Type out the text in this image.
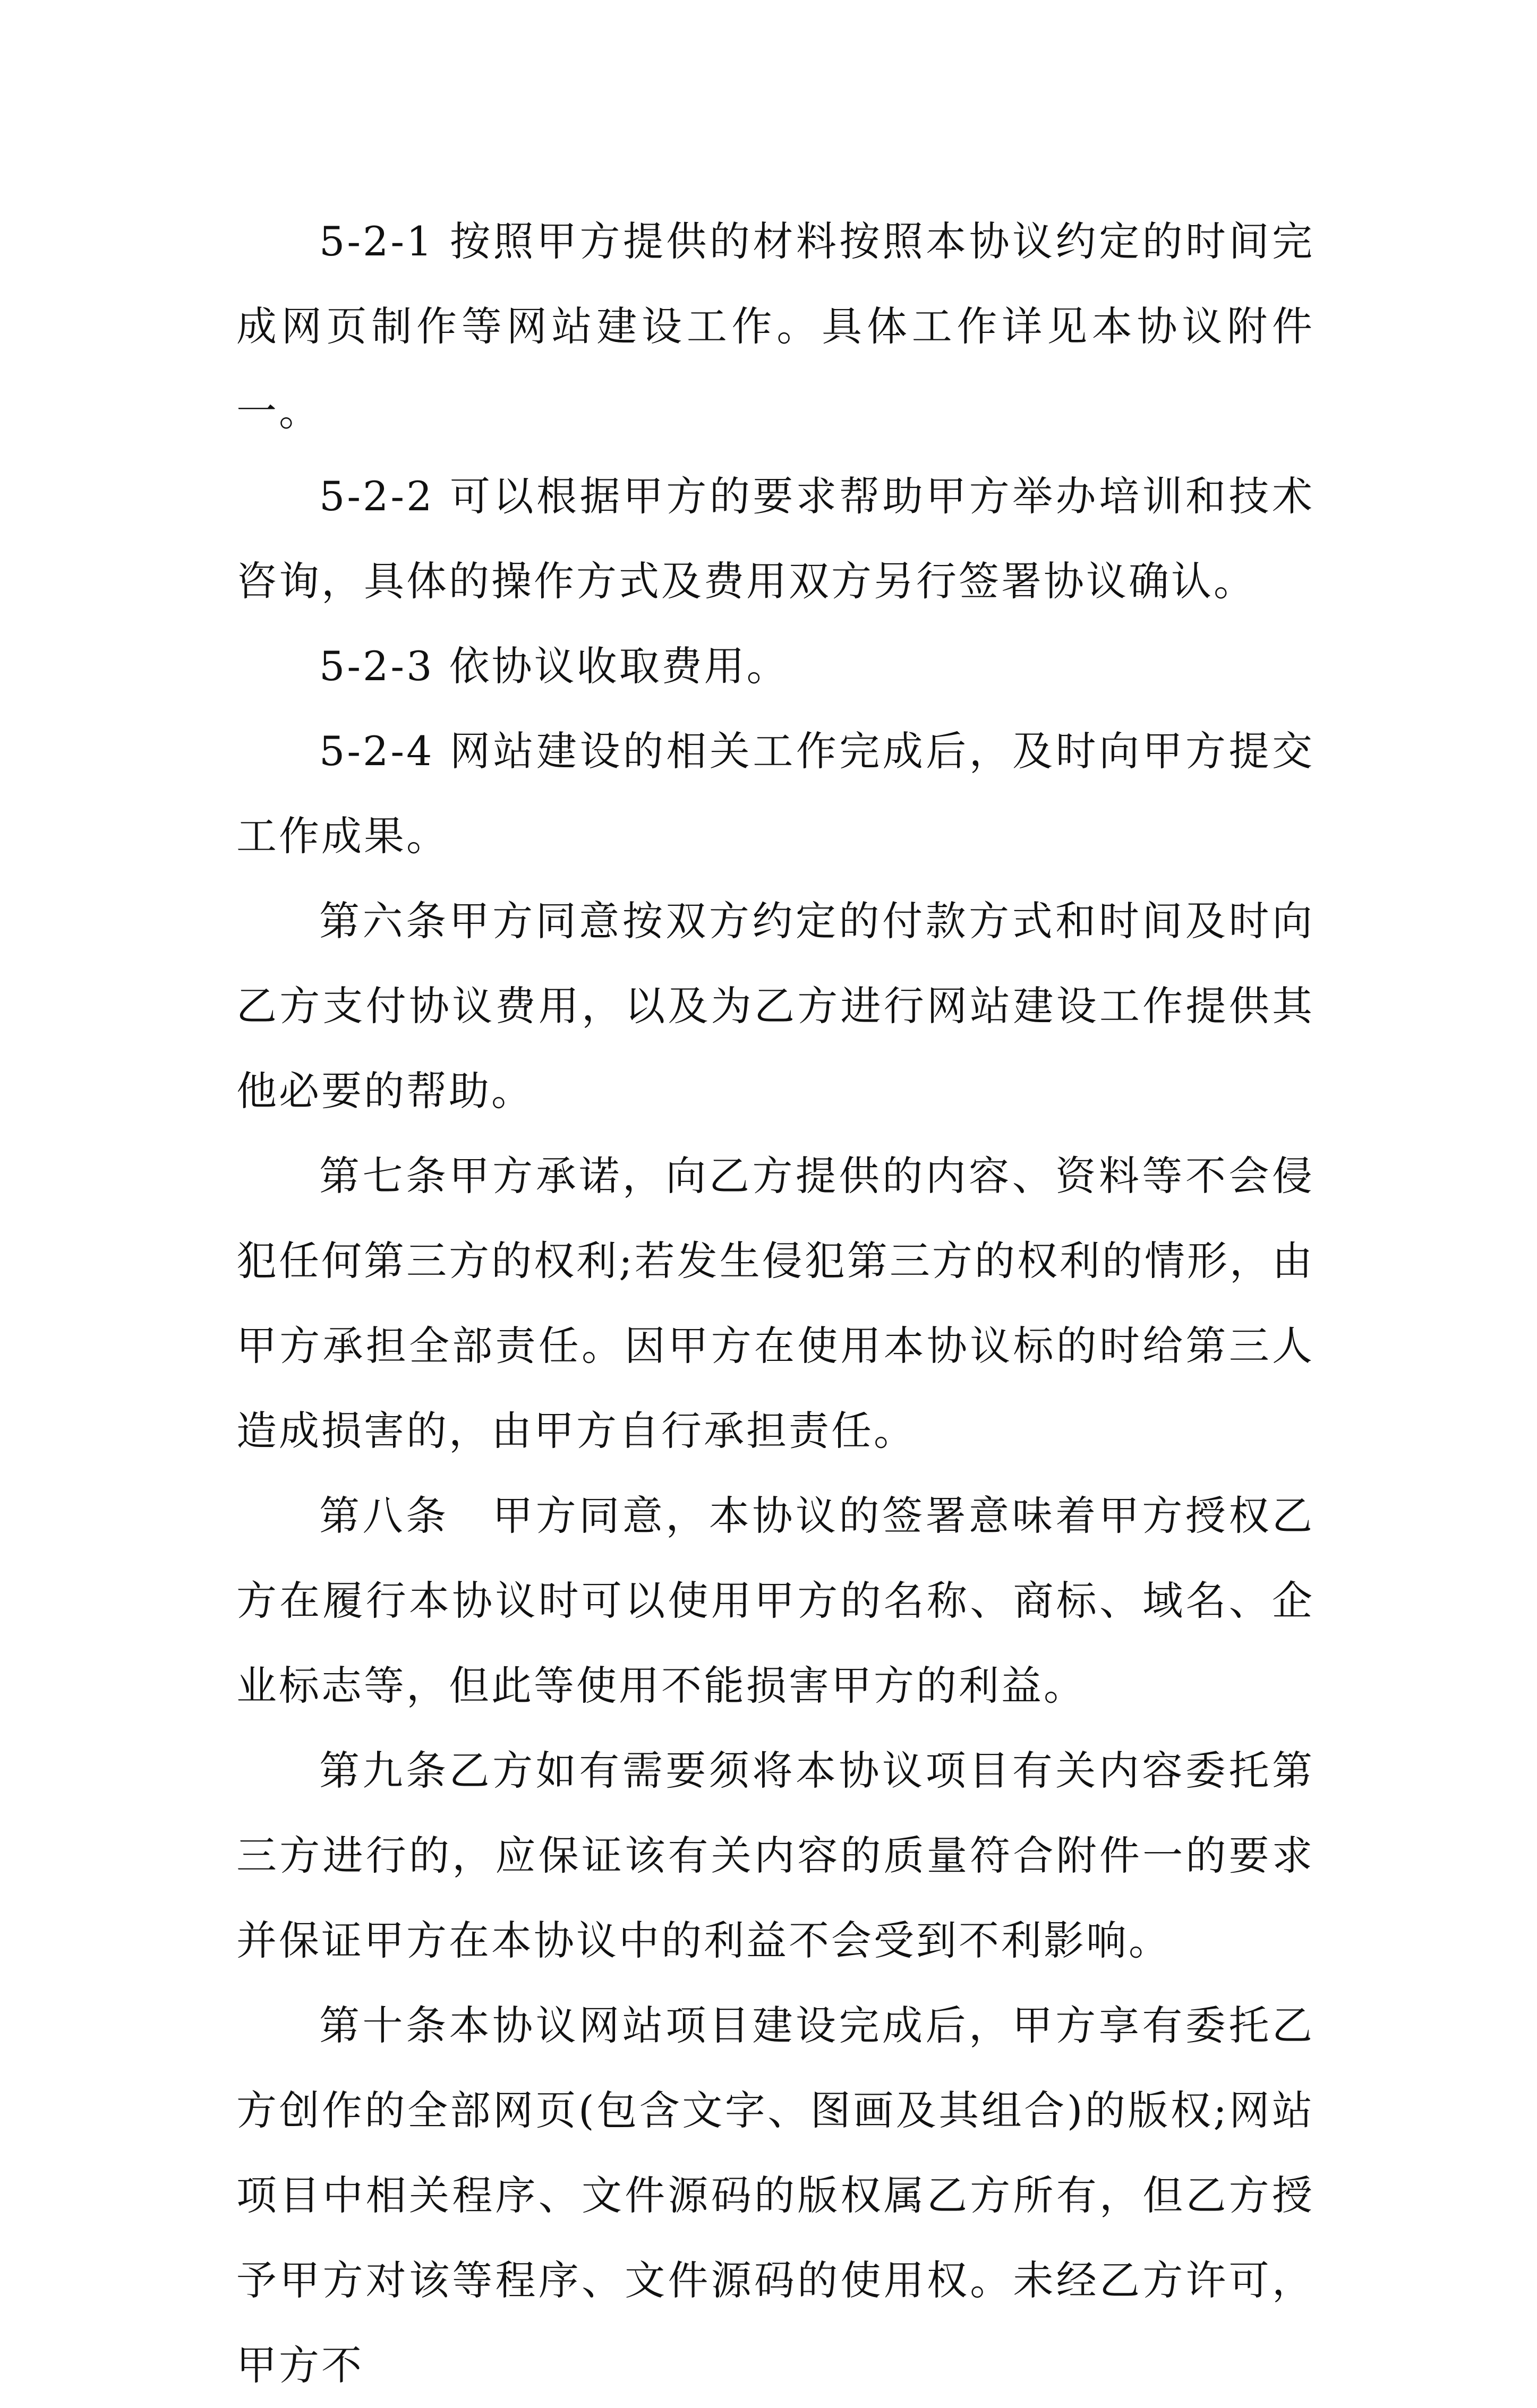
5-2-1 按照甲方提供的材料按照本协议约定的时间完成网页制作等网站建设工作。具体工作详见本协议附件一。

5-2-2 可以根据甲方的要求帮助甲方举办培训和技术咨询，具体的操作方式及费用双方另行签署协议确认。

5-2-3 依协议收取费用。

5-2-4 网站建设的相关工作完成后，及时向甲方提交工作成果。

第六条甲方同意按双方约定的付款方式和时间及时向乙方支付协议费用，以及为乙方进行网站建设工作提供其他必要的帮助。

第七条甲方承诺，向乙方提供的内容、资料等不会侵犯任何第三方的权利;若发生侵犯第三方的权利的情形，由甲方承担全部责任。因甲方在使用本协议标的时给第三人造成损害的，由甲方自行承担责任。

第八条　甲方同意，本协议的签署意味着甲方授权乙方在履行本协议时可以使用甲方的名称、商标、域名、企业标志等，但此等使用不能损害甲方的利益。

第九条乙方如有需要须将本协议项目有关内容委托第三方进行的，应保证该有关内容的质量符合附件一的要求并保证甲方在本协议中的利益不会受到不利影响。

第十条本协议网站项目建设完成后，甲方享有委托乙方创作的全部网页(包含文字、图画及其组合)的版权;网站项目中相关程序、文件源码的版权属乙方所有，但乙方授予甲方对该等程序、文件源码的使用权。未经乙方许可，甲方不
